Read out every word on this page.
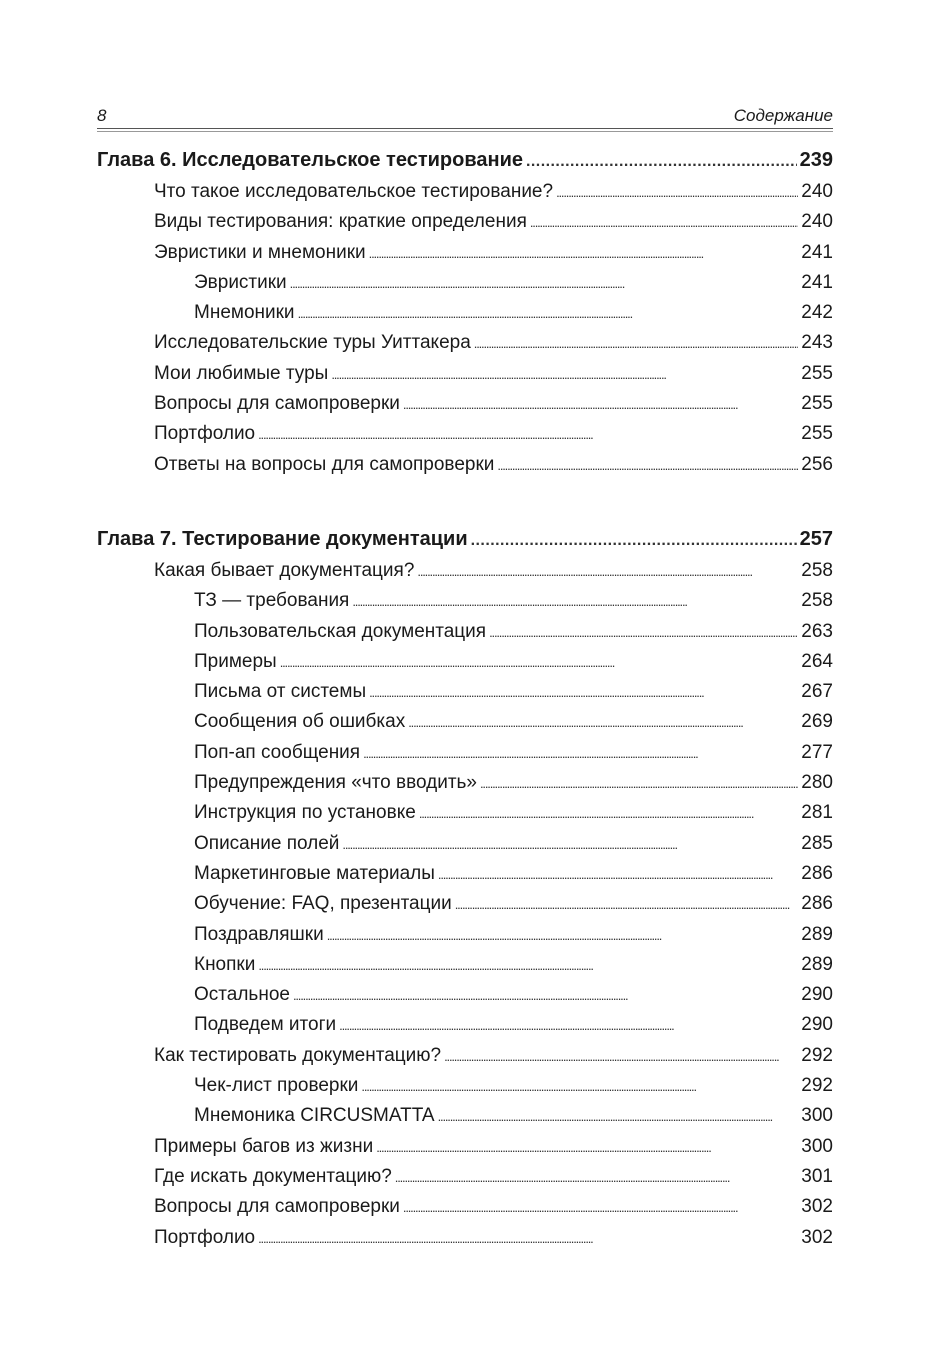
8	Содержание
Глава 6. Исследовательское тестирование . . .	239
Что такое исследовательское тестирование? . . .	240
Виды тестирования: краткие определения . . .	240
Эвристики и мнемоники . . .	241
Эвристики . . .	241
Мнемоники . . .	242
Исследовательские туры Уиттакера . . .	243
Мои любимые туры . . .	255
Вопросы для самопроверки . . .	255
Портфолио . . .	255
Ответы на вопросы для самопроверки . . .	256
Глава 7. Тестирование документации . . .	257
Какая бывает документация? . . .	258
ТЗ — требования . . .	258
Пользовательская документация . . .	263
Примеры . . .	264
Письма от системы . . .	267
Сообщения об ошибках . . .	269
Поп-ап сообщения . . .	277
Предупреждения «что вводить» . . .	280
Инструкция по установке . . .	281
Описание полей . . .	285
Маркетинговые материалы . . .	286
Обучение: FAQ, презентации . . .	286
Поздравляшки . . .	289
Кнопки . . .	289
Остальное . . .	290
Подведем итоги . . .	290
Как тестировать документацию? . . .	292
Чек-лист проверки . . .	292
Мнемоника CIRCUSMATTA . . .	300
Примеры багов из жизни . . .	300
Где искать документацию? . . .	301
Вопросы для самопроверки . . .	302
Портфолио . . .	302
